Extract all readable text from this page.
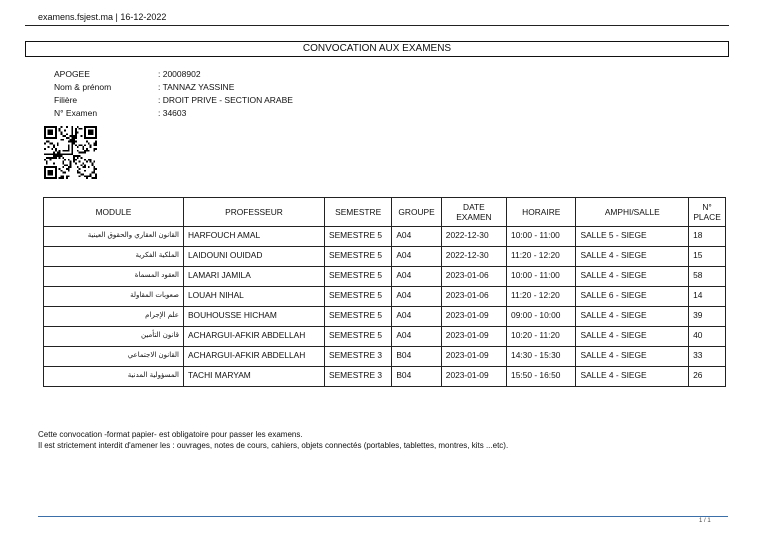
examens.fsjest.ma | 16-12-2022
CONVOCATION AUX EXAMENS
APOGEE	: 20008902
Nom & prénom	: TANNAZ YASSINE
Filière	: DROIT PRIVE - SECTION ARABE
N° Examen	: 34603
MODULE	PROFESSEUR	SEMESTRE	GROUPE	DATE EXAMEN	HORAIRE	AMPHI/SALLE	N° PLACE
القانون العقاري والحقوق العينية	HARFOUCH AMAL	SEMESTRE 5	A04	2022-12-30	10:00 - 11:00	SALLE 5 - SIEGE	18
الملكية الفكرية	LAIDOUNI OUIDAD	SEMESTRE 5	A04	2022-12-30	11:20 - 12:20	SALLE 4 - SIEGE	15
العقود المسماة	LAMARI JAMILA	SEMESTRE 5	A04	2023-01-06	10:00 - 11:00	SALLE 4 - SIEGE	58
صعوبات المقاولة	LOUAH NIHAL	SEMESTRE 5	A04	2023-01-06	11:20 - 12:20	SALLE 6 - SIEGE	14
علم الإجرام	BOUHOUSSE HICHAM	SEMESTRE 5	A04	2023-01-09	09:00 - 10:00	SALLE 4 - SIEGE	39
قانون التأمين	ACHARGUI-AFKIR ABDELLAH	SEMESTRE 5	A04	2023-01-09	10:20 - 11:20	SALLE 4 - SIEGE	40
القانون الاجتماعي	ACHARGUI-AFKIR ABDELLAH	SEMESTRE 3	B04	2023-01-09	14:30 - 15:30	SALLE 4 - SIEGE	33
المسؤولية المدنية	TACHI MARYAM	SEMESTRE 3	B04	2023-01-09	15:50 - 16:50	SALLE 4 - SIEGE	26
Cette convocation -format papier- est obligatoire pour passer les examens.
Il est strictement interdit d'amener les : ouvrages, notes de cours, cahiers, objets connectés (portables, tablettes, montres, kits ...etc).
1 / 1
